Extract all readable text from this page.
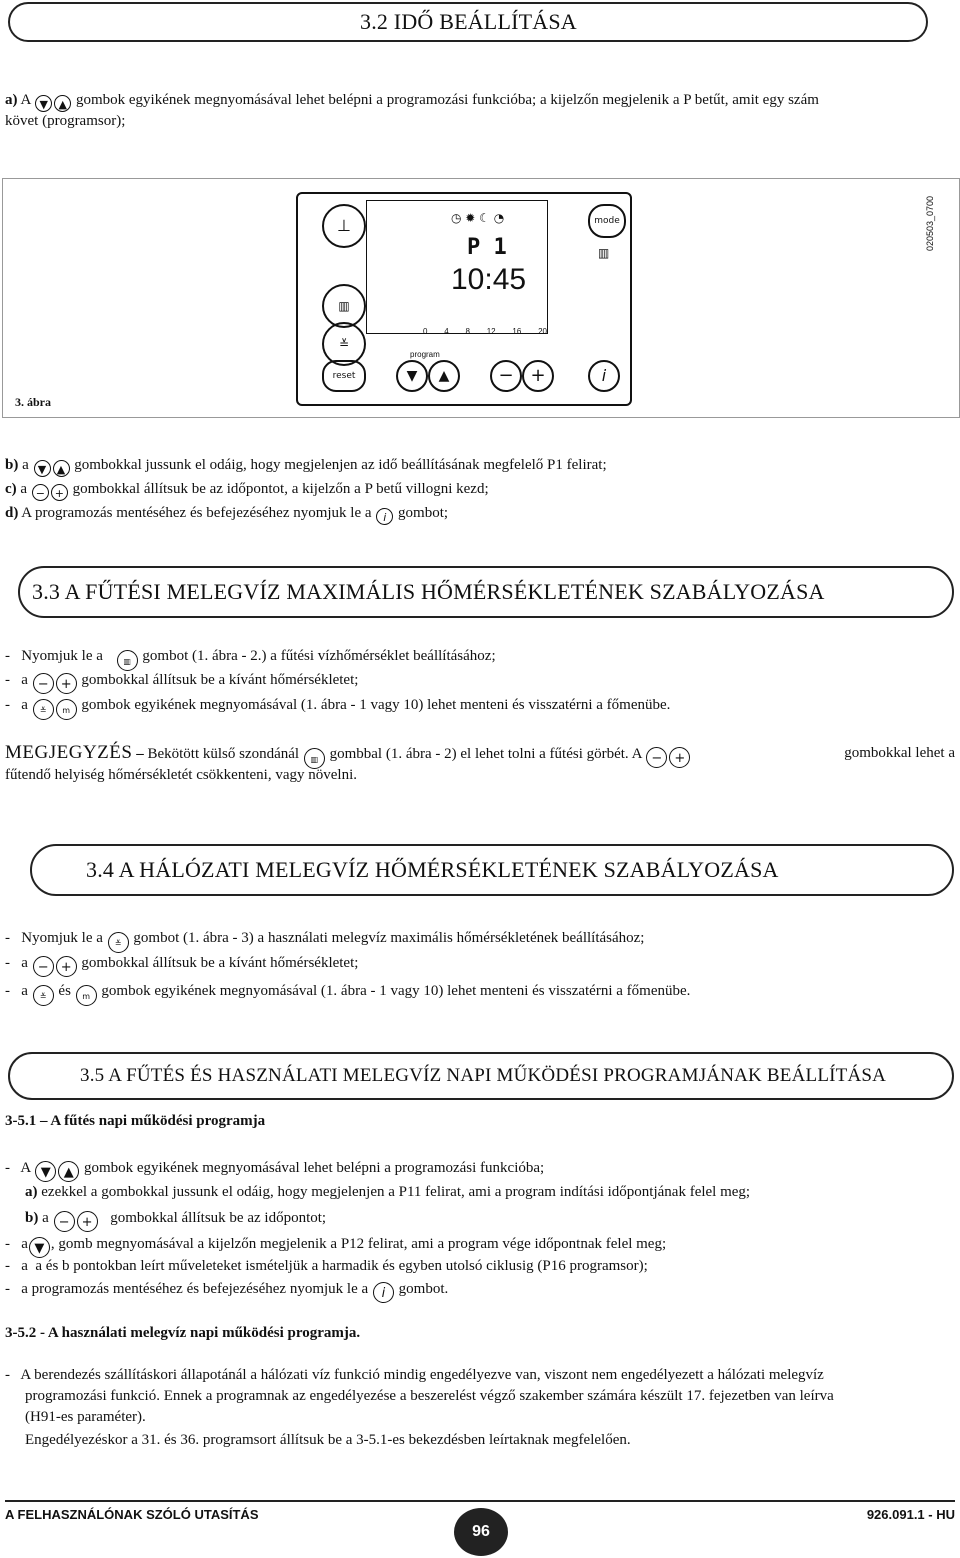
3.2 IDŐ BEÁLLÍTÁSA
a) A ▼ ▲ gombok egyikének megnyomásával lehet belépni a programozási funkcióba; a kijelzőn megjelenik a P betűt, amit egy szám
követ (programsor);
3. ábra
020503_0700
⊥
▥
≚
◷ ✹ ☾ ◔
P 1
10:45
0 4 8 12 16 20
mode
▥
program
reset	▼	▲	− +	i
b) a ▼ ▲ gombokkal jussunk el odáig, hogy megjelenjen az idő beállításának megfelelő P1 felirat;
c) a − + gombokkal állítsuk be az időpontot, a kijelzőn a P betű villogni kezd;
d) A programozás mentéséhez és befejezéséhez nyomjuk le a i gombot;
3.3 A FŰTÉSI MELEGVÍZ MAXIMÁLIS HŐMÉRSÉKLETÉNEK SZABÁLYOZÁSA
-   Nyomjuk le a	▥ gombot (1. ábra - 2.) a fűtési vízhőmérséklet beállításához;
-   a − + gombokkal állítsuk be a kívánt hőmérsékletet;
-   a ≚ m gombok egyikének megnyomásával (1. ábra - 1 vagy 10) lehet menteni és visszatérni a főmenübe.
MEGJEGYZÉS – Bekötött külső szondánál ▥ gombbal (1. ábra - 2) el lehet tolni a fűtési görbét. A − +	gombokkal lehet a
fűtendő helyiség hőmérsékletét csökkenteni, vagy növelni.
3.4 A HÁLÓZATI MELEGVÍZ HŐMÉRSÉKLETÉNEK SZABÁLYOZÁSA
-   Nyomjuk le a ≚ gombot (1. ábra - 3) a használati melegvíz maximális hőmérsékletének beállításához;
-   a − + gombokkal állítsuk be a kívánt hőmérsékletet;
-   a ≚ és m gombok egyikének megnyomásával (1. ábra - 1 vagy 10) lehet menteni és visszatérni a főmenübe.
3.5 A FŰTÉS ÉS HASZNÁLATI MELEGVÍZ NAPI MŰKÖDÉSI PROGRAMJÁNAK BEÁLLÍTÁSA
3-5.1 – A fűtés napi működési programja
-   A ▼ ▲ gombok egyikének megnyomásával lehet belépni a programozási funkcióba;
a) ezekkel a gombokkal jussunk el odáig, hogy megjelenjen a P11 felirat, ami a program indítási időpontjának felel meg;
b) a − + gombokkal állítsuk be az időpontot;
-   a ▼ , gomb megnyomásával a kijelzőn megjelenik a P12 felirat, ami a program vége időpontnak felel meg;
-   a  a és b pontokban leírt műveleteket ismételjük a harmadik és egyben utolsó ciklusig (P16 programsor);
-   a programozás mentéséhez és befejezéséhez nyomjuk le a i gombot.
3-5.2 - A használati melegvíz napi működési programja.
-   A berendezés szállításkori állapotánál a hálózati víz funkció mindig engedélyezve van, viszont nem engedélyezett a hálózati melegvíz
programozási funkció. Ennek a programnak az engedélyezése a beszerelést végző szakember számára készült 17. fejezetben van leírva
(H91-es paraméter).
Engedélyezéskor a 31. és 36. programsort állítsuk be a 3-5.1-es bekezdésben leírtaknak megfelelően.
A FELHASZNÁLÓNAK SZÓLÓ UTASÍTÁS
96
926.091.1 - HU
